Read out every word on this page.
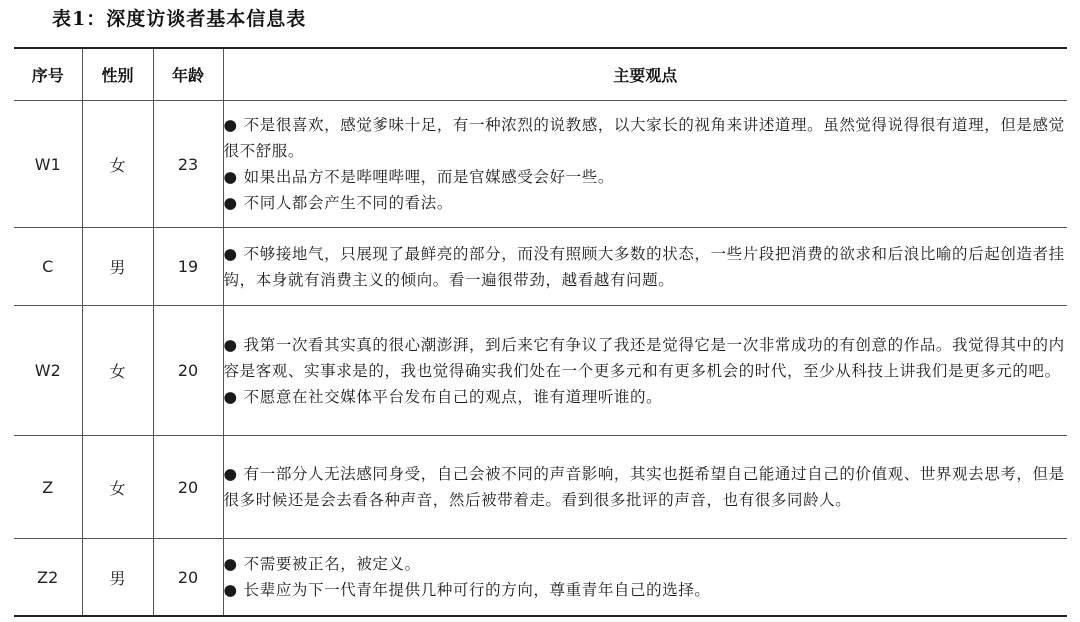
表1：深度访谈者基本信息表
序号	性别	年龄	主要观点
W1	女	23	● 不是很喜欢，感觉爹味十足，有一种浓烈的说教感，以大家长的视角来讲述道理。虽然觉得说得很有道理，但是感觉很不舒服。
● 如果出品方不是哔哩哔哩，而是官媒感受会好一些。
● 不同人都会产生不同的看法。

C	男	19	● 不够接地气，只展现了最鲜亮的部分，而没有照顾大多数的状态，一些片段把消费的欲求和后浪比喻的后起创造者挂钩，本身就有消费主义的倾向。看一遍很带劲，越看越有问题。

W2	女	20	● 我第一次看其实真的很心潮澎湃，到后来它有争议了我还是觉得它是一次非常成功的有创意的作品。我觉得其中的内容是客观、实事求是的，我也觉得确实我们处在一个更多元和有更多机会的时代，至少从科技上讲我们是更多元的吧。
● 不愿意在社交媒体平台发布自己的观点，谁有道理听谁的。

Z	女	20	● 有一部分人无法感同身受，自己会被不同的声音影响，其实也挺希望自己能通过自己的价值观、世界观去思考，但是很多时候还是会去看各种声音，然后被带着走。看到很多批评的声音，也有很多同龄人。

Z2	男	20	● 不需要被正名，被定义。
● 长辈应为下一代青年提供几种可行的方向，尊重青年自己的选择。
